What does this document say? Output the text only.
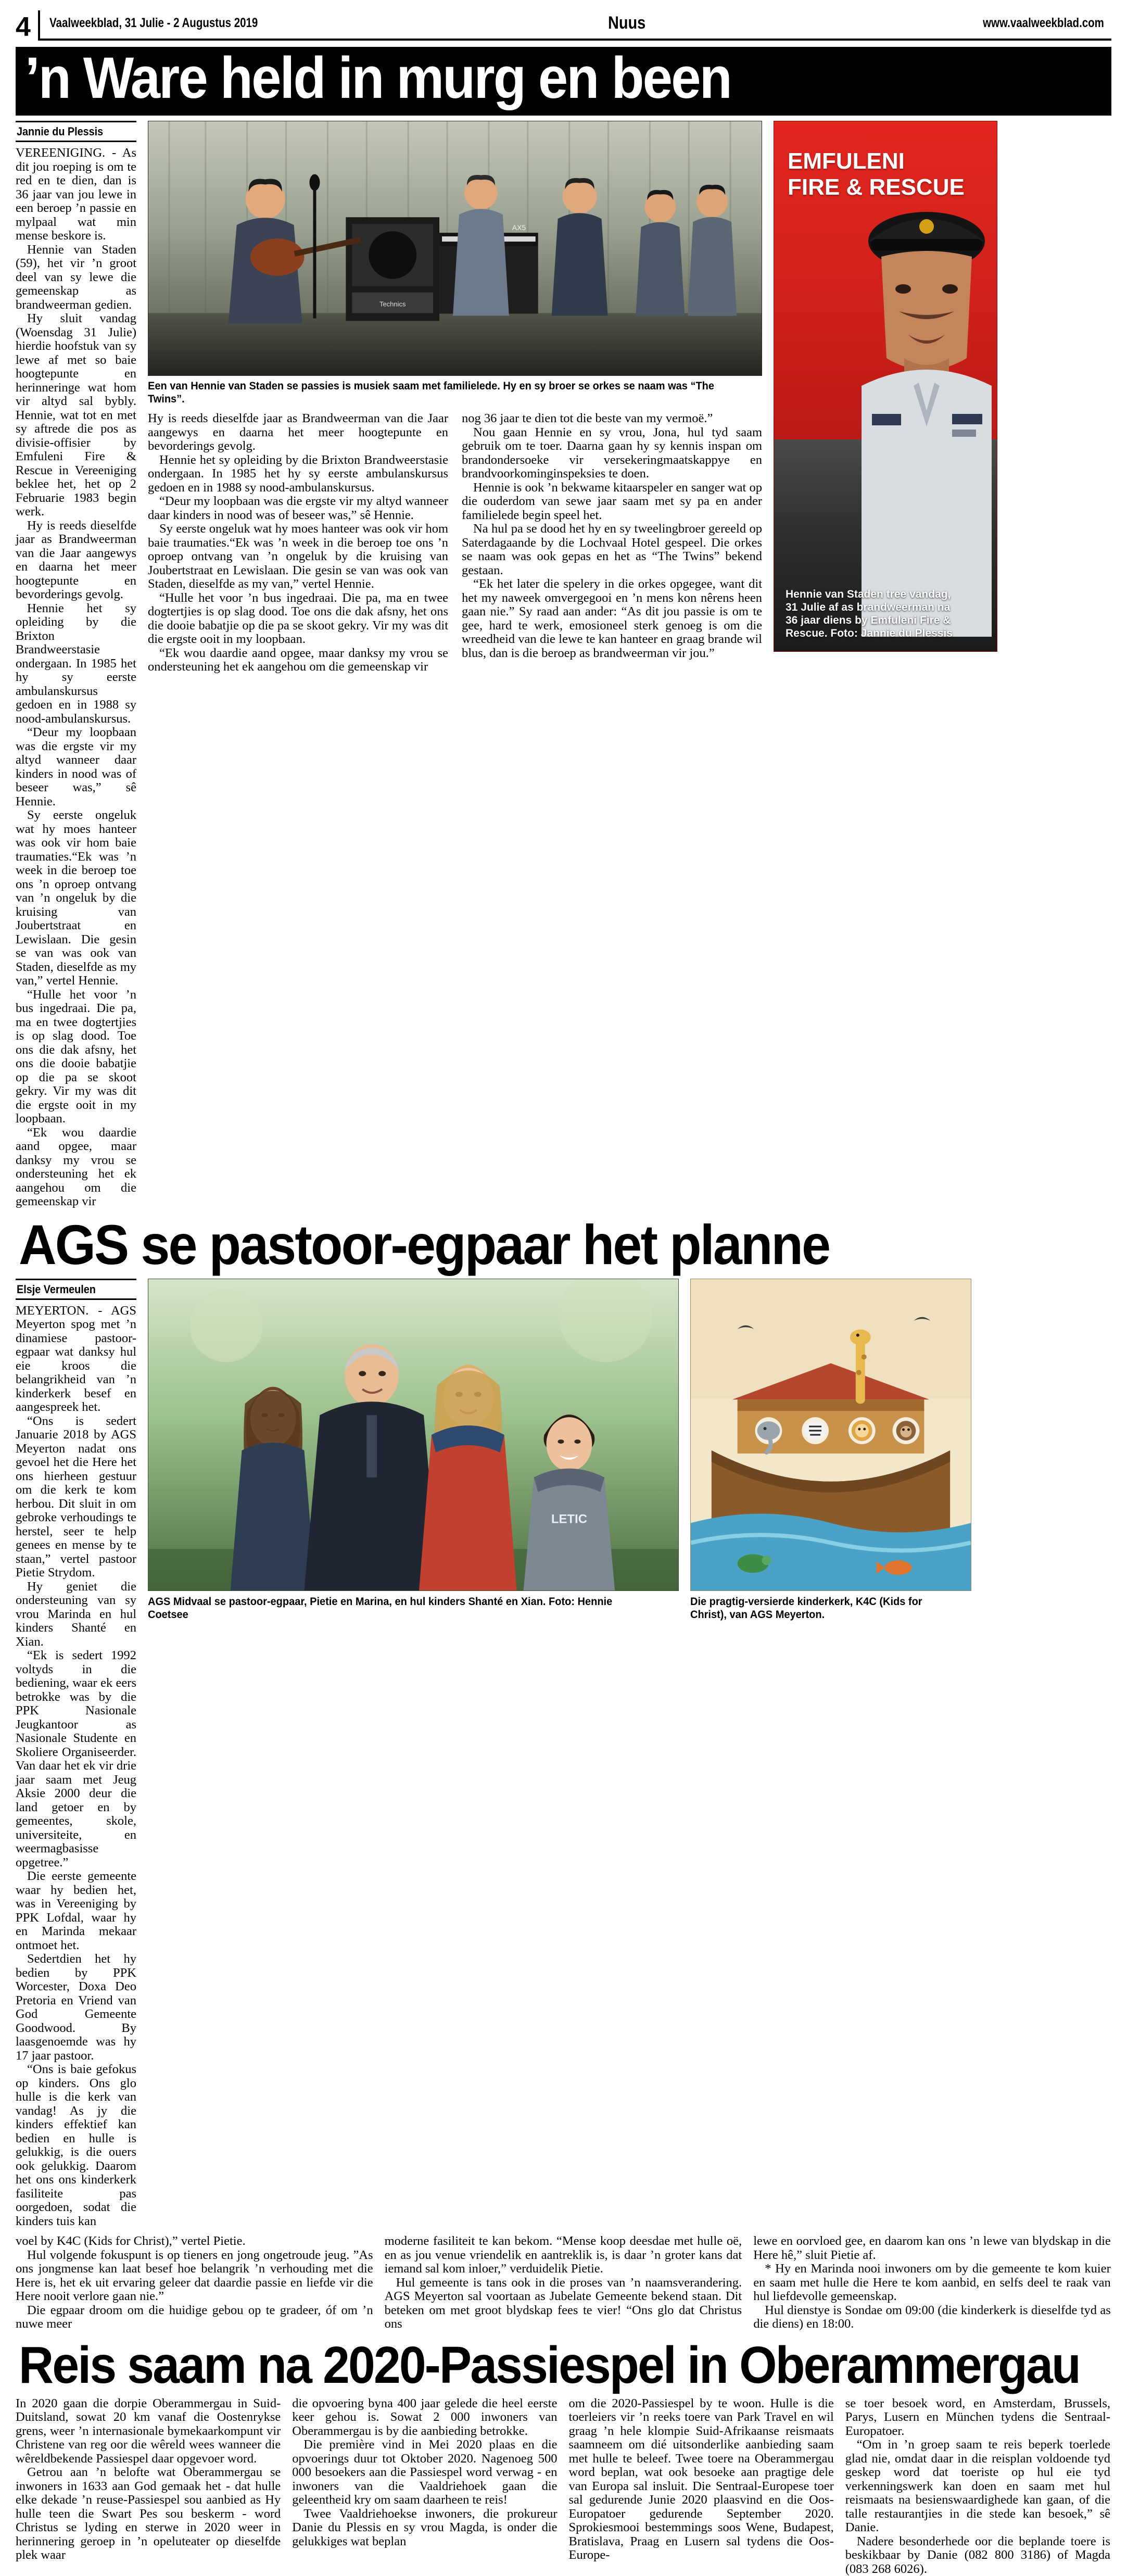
4	Vaalweekblad, 31 Julie - 2 Augustus 2019	Nuus	www.vaalweekblad.com
’n Ware held in murg en been
Jannie du Plessis

VEREENIGING. - As dit jou roeping is om te red en te dien, dan is 36 jaar van jou lewe in een beroep ’n passie en mylpaal wat min mense beskore is.

Hennie van Staden (59), het vir ’n groot deel van sy lewe die gemeenskap as brandweerman gedien.

Hy sluit vandag (Woensdag 31 Julie) hierdie hoofstuk van sy lewe af met so baie hoogtepunte en herinneringe wat hom vir altyd sal bybly. Hennie, wat tot en met sy aftrede die pos as divisie-offisier by Emfuleni Fire & Rescue in Vereeniging beklee het, het op 2 Februarie 1983 begin werk.

Hy is reeds dieselfde jaar as Brandweerman van die Jaar aangewys en daarna het meer hoogtepunte en bevorderings gevolg.

Hennie het sy opleiding by die Brixton Brandweerstasie ondergaan. In 1985 het hy sy eerste ambulanskursus gedoen en in 1988 sy nood-ambulanskursus.

“Deur my loopbaan was die ergste vir my altyd wanneer daar kinders in nood was of beseer was,” sê Hennie.

Sy eerste ongeluk wat hy moes hanteer was ook vir hom baie traumaties.“Ek was ’n week in die beroep toe ons ’n oproep ontvang van ’n ongeluk by die kruising van Joubertstraat en Lewislaan. Die gesin se van was ook van Staden, dieselfde as my van,” vertel Hennie.

“Hulle het voor ’n bus ingedraai. Die pa, ma en twee dogtertjies is op slag dood. Toe ons die dak afsny, het ons die dooie babatjie op die pa se skoot gekry. Vir my was dit die ergste ooit in my loopbaan.

“Ek wou daardie aand opgee, maar danksy my vrou se ondersteuning het ek aangehou om die gemeenskap vir

Technics
AX5
Een van Hennie van Staden se passies is musiek saam met familielede. Hy en sy broer se orkes se naam was “The Twins”.

Hy is reeds dieselfde jaar as Brandweerman van die Jaar aangewys en daarna het meer hoogtepunte en bevorderings gevolg.

Hennie het sy opleiding by die Brixton Brandweerstasie ondergaan. In 1985 het hy sy eerste ambulanskursus gedoen en in 1988 sy nood-ambulanskursus.

“Deur my loopbaan was die ergste vir my altyd wanneer daar kinders in nood was of beseer was,” sê Hennie.

Sy eerste ongeluk wat hy moes hanteer was ook vir hom baie traumaties.“Ek was ’n week in die beroep toe ons ’n oproep ontvang van ’n ongeluk by die kruising van Joubertstraat en Lewislaan. Die gesin se van was ook van Staden, dieselfde as my van,” vertel Hennie.

“Hulle het voor ’n bus ingedraai. Die pa, ma en twee dogtertjies is op slag dood. Toe ons die dak afsny, het ons die dooie babatjie op die pa se skoot gekry. Vir my was dit die ergste ooit in my loopbaan.

“Ek wou daardie aand opgee, maar danksy my vrou se ondersteuning het ek aangehou om die gemeenskap vir

nog 36 jaar te dien tot die beste van my vermoë.”

Nou gaan Hennie en sy vrou, Jona, hul tyd saam gebruik om te toer. Daarna gaan hy sy kennis inspan om brandondersoeke vir versekeringmaatskappye en brandvoorkominginspeksies te doen.

Hennie is ook ’n bekwame kitaarspeler en sanger wat op die ouderdom van sewe jaar saam met sy pa en ander familielede begin speel het.

Na hul pa se dood het hy en sy tweelingbroer gereeld op Saterdagaande by die Lochvaal Hotel gespeel. Die orkes se naam was ook gepas en het as “The Twins” bekend gestaan.

“Ek het later die spelery in die orkes opgegee, want dit het my naweek omvergegooi en ’n mens kon nêrens heen gaan nie.” Sy raad aan ander: “As dit jou passie is om te gee, hard te werk, emosioneel sterk genoeg is om die wreedheid van die lewe te kan hanteer en graag brande wil blus, dan is die beroep as brandweerman vir jou.”

EMFULENI
FIRE & RESCUE
Hennie van Staden tree vandag, 31 Julie af as brandweerman na 36 jaar diens by Emfuleni Fire & Rescue. Foto: Jannie du Plessis
AGS se pastoor-egpaar het planne
Elsje Vermeulen

MEYERTON. - AGS Meyerton spog met ’n dinamiese pastoor-egpaar wat danksy hul eie kroos die belangrikheid van ’n kinderkerk besef en aangespreek het.

“Ons is sedert Januarie 2018 by AGS Meyerton nadat ons gevoel het die Here het ons hierheen gestuur om die kerk te kom herbou. Dit sluit in om gebroke verhoudings te herstel, seer te help genees en mense by te staan,” vertel pastoor Pietie Strydom.

Hy geniet die ondersteuning van sy vrou Marinda en hul kinders Shanté en Xian.

“Ek is sedert 1992 voltyds in die bediening, waar ek eers betrokke was by die PPK Nasionale Jeugkantoor as Nasionale Studente en Skoliere Organiseerder. Van daar het ek vir drie jaar saam met Jeug Aksie 2000 deur die land getoer en by gemeentes, skole, universiteite, en weermagbasisse opgetree.”

Die eerste gemeente waar hy bedien het, was in Vereeniging by PPK Lofdal, waar hy en Marinda mekaar ontmoet het.

Sedertdien het hy bedien by PPK Worcester, Doxa Deo Pretoria en Vriend van God Gemeente Goodwood. By laasgenoemde was hy 17 jaar pastoor.

“Ons is baie gefokus op kinders. Ons glo hulle is die kerk van vandag! As jy die kinders effektief kan bedien en hulle is gelukkig, is die ouers ook gelukkig. Daarom het ons ons kinderkerk fasiliteite pas oorgedoen, sodat die kinders tuis kan

LETIC
AGS Midvaal se pastoor-egpaar, Pietie en Marina, en hul kinders Shanté en Xian. Foto: Hennie Coetsee
Die pragtig-versierde kinderkerk, K4C (Kids for Christ), van AGS Meyerton.

voel by K4C (Kids for Christ),” vertel Pietie.

Hul volgende fokuspunt is op tieners en jong ongetroude jeug. ”As ons jongmense kan laat besef hoe belangrik ’n verhouding met die Here is, het ek uit ervaring geleer dat daardie passie en liefde vir die Here nooit verlore gaan nie.”

Die egpaar droom om die huidige gebou op te gradeer, óf om ’n nuwe meer

moderne fasiliteit te kan bekom. “Mense koop deesdae met hulle oë, en as jou venue vriendelik en aantreklik is, is daar ’n groter kans dat iemand sal kom inloer,” verduidelik Pietie.

Hul gemeente is tans ook in die proses van ’n naamsverandering. AGS Meyerton sal voortaan as Jubelate Gemeente bekend staan. Dit beteken om met groot blydskap fees te vier! “Ons glo dat Christus ons

lewe en oorvloed gee, en daarom kan ons ’n lewe van blydskap in die Here hê,” sluit Pietie af.

* Hy en Marinda nooi inwoners om by die gemeente te kom kuier en saam met hulle die Here te kom aanbid, en selfs deel te raak van hul liefdevolle gemeenskap.

Hul dienstye is Sondae om 09:00 (die kinderkerk is dieselfde tyd as die diens) en 18:00.

Reis saam na 2020-Passiespel in Oberammergau

In 2020 gaan die dorpie Oberammergau in Suid-Duitsland, sowat 20 km vanaf die Oostenrykse grens, weer ’n internasionale bymekaarkompunt vir Christene van reg oor die wêreld wees wanneer die wêreldbekende Passiespel daar opgevoer word.

Getrou aan ’n belofte wat Oberammergau se inwoners in 1633 aan God gemaak het - dat hulle elke dekade ’n reuse-Passiespel sou aanbied as Hy hulle teen die Swart Pes sou beskerm - word Christus se lyding en sterwe in 2020 weer in herinnering geroep in ’n opeluteater op dieselfde plek waar

die opvoering byna 400 jaar gelede die heel eerste keer gehou is. Sowat 2 000 inwoners van Oberammergau is by die aanbieding betrokke.

Die première vind in Mei 2020 plaas en die opvoerings duur tot Oktober 2020. Nagenoeg 500 000 besoekers aan die Passiespel word verwag - en inwoners van die Vaaldriehoek gaan die geleentheid kry om saam daarheen te reis!

Twee Vaaldriehoekse inwoners, die prokureur Danie du Plessis en sy vrou Magda, is onder die gelukkiges wat beplan

om die 2020-Passiespel by te woon. Hulle is die toerleiers vir ’n reeks toere van Park Travel en wil graag ’n hele klompie Suid-Afrikaanse reismaats saamneem om dié uitsonderlike aanbieding saam met hulle te beleef. Twee toere na Oberammergau word beplan, wat ook besoeke aan pragtige dele van Europa sal insluit. Die Sentraal-Europese toer sal gedurende Junie 2020 plaasvind en die Oos-Europatoer gedurende September 2020. Sprokiesmooi bestemmings soos Wene, Budapest, Bratislava, Praag en Lusern sal tydens die Oos-Europe-

se toer besoek word, en Amsterdam, Brussels, Parys, Lusern en München tydens die Sentraal-Europatoer.

“Om in ’n groep saam te reis beperk toerlede glad nie, omdat daar in die reisplan voldoende tyd geskep word dat toeriste op hul eie tyd verkenningswerk kan doen en saam met hul reismaats na besienswaardighede kan gaan, of die talle restaurantjies in die stede kan besoek,” sê Danie.

Nadere besonderhede oor die beplande toere is beskikbaar by Danie (082 800 3186) of Magda (083 268 6026).
